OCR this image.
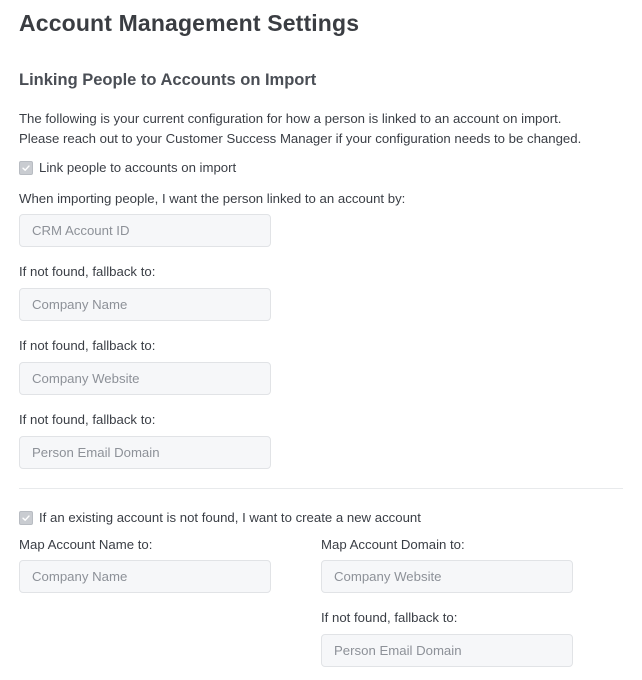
Account Management Settings
Linking People to Accounts on Import
The following is your current configuration for how a person is linked to an account on import.
Please reach out to your Customer Success Manager if your configuration needs to be changed.
Link people to accounts on import
When importing people, I want the person linked to an account by:
CRM Account ID
If not found, fallback to:
Company Name
If not found, fallback to:
Company Website
If not found, fallback to:
Person Email Domain
If an existing account is not found, I want to create a new account
Map Account Name to:
Company Name
Map Account Domain to:
Company Website
If not found, fallback to:
Person Email Domain
